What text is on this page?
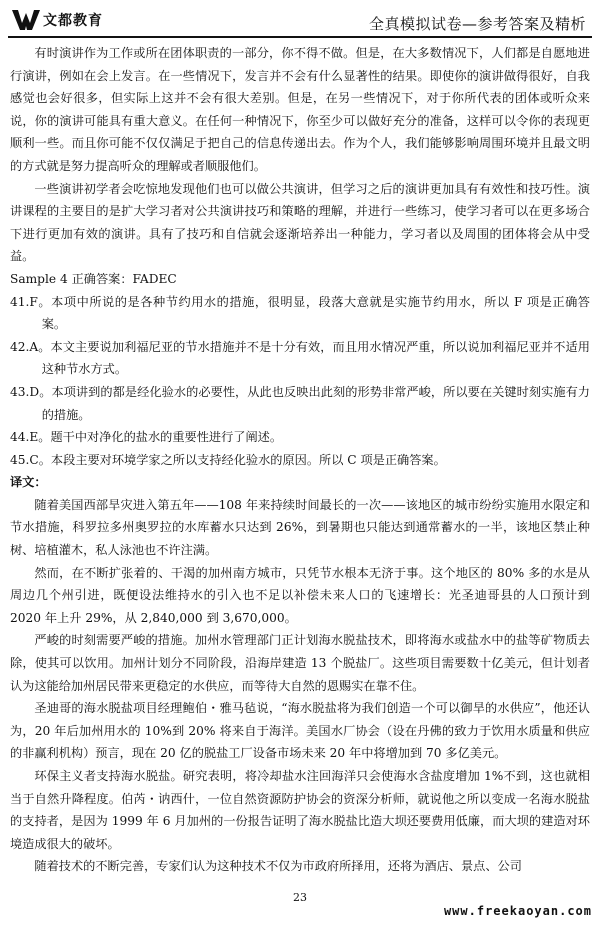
文都教育	全真模拟试卷—参考答案及精析

有时演讲作为工作或所在团体职责的一部分，你不得不做。但是，在大多数情况下，人们都是自愿地进行演讲，例如在会上发言。在一些情况下，发言并不会有什么显著性的结果。即使你的演讲做得很好，自我感觉也会好很多，但实际上这并不会有很大差别。但是，在另一些情况下，对于你所代表的团体或听众来说，你的演讲可能具有重大意义。在任何一种情况下，你至少可以做好充分的准备，这样可以令你的表现更顺利一些。而且你可能不仅仅满足于把自己的信息传递出去。作为个人，我们能够影响周围环境并且最文明的方式就是努力提高听众的理解或者顺服他们。

一些演讲初学者会吃惊地发现他们也可以做公共演讲，但学习之后的演讲更加具有有效性和技巧性。演讲课程的主要目的是扩大学习者对公共演讲技巧和策略的理解，并进行一些练习，使学习者可以在更多场合下进行更加有效的演讲。具有了技巧和自信就会逐渐培养出一种能力，学习者以及周围的团体将会从中受益。

Sample 4 正确答案：FADEC

41.F。本项中所说的是各种节约用水的措施，很明显，段落大意就是实施节约用水，所以 F 项是正确答案。

42.A。本文主要说加利福尼亚的节水措施并不是十分有效，而且用水情况严重，所以说加利福尼亚并不适用这种节水方式。

43.D。本项讲到的都是经化验水的必要性，从此也反映出此刻的形势非常严峻，所以要在关键时刻实施有力的措施。

44.E。题干中对净化的盐水的重要性进行了阐述。

45.C。本段主要对环境学家之所以支持经化验水的原因。所以 C 项是正确答案。

译文：

随着美国西部旱灾进入第五年——108 年来持续时间最长的一次——该地区的城市纷纷实施用水限定和节水措施，科罗拉多州奥罗拉的水库蓄水只达到 26%，到暑期也只能达到通常蓄水的一半，该地区禁止种树、培植灌木，私人泳池也不许注满。

然而，在不断扩张着的、干渴的加州南方城市，只凭节水根本无济于事。这个地区的 80% 多的水是从周边几个州引进，既便设法维持水的引入也不足以补偿未来人口的飞速增长：光圣迪哥县的人口预计到 2020 年上升 29%，从 2,840,000 到 3,670,000。

严峻的时刻需要严峻的措施。加州水管理部门正计划海水脱盐技术，即将海水或盐水中的盐等矿物质去除，使其可以饮用。加州计划分不同阶段，沿海岸建造 13 个脱盐厂。这些项目需要数十亿美元，但计划者认为这能给加州居民带来更稳定的水供应，而等待大自然的恩赐实在靠不住。

圣迪哥的海水脱盐项目经理鲍伯・雅马毡说，“海水脱盐将为我们创造一个可以御旱的水供应”，他还认为，20 年后加州用水的 10%到 20% 将来自于海洋。美国水厂协会（设在丹佛的致力于饮用水质量和供应的非赢利机构）预言，现在 20 亿的脱盐工厂设备市场未来 20 年中将增加到 70 多亿美元。

环保主义者支持海水脱盐。研究表明，将冷却盐水注回海洋只会使海水含盐度增加 1%不到，这也就相当于自然升降程度。伯芮・讷西什，一位自然资源防护协会的资深分析师，就说他之所以变成一名海水脱盐的支持者，是因为 1999 年 6 月加州的一份报告证明了海水脱盐比造大坝还要费用低廉，而大坝的建造对环境造成很大的破坏。

随着技术的不断完善，专家们认为这种技术不仅为市政府所择用，还将为酒店、景点、公司

23
www.freekaoyan.com
